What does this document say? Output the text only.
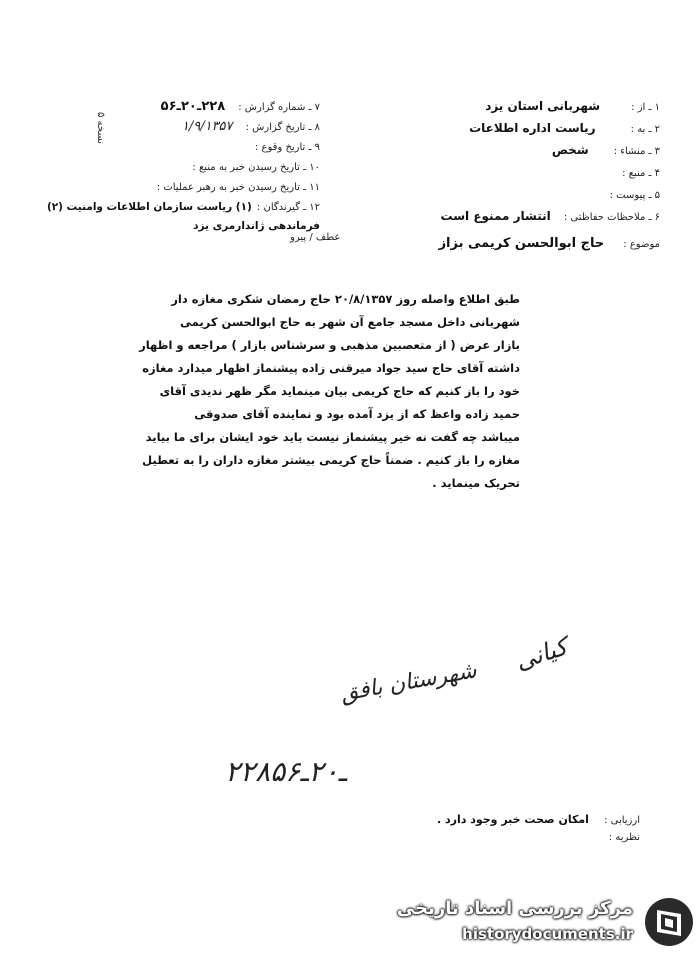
۱ ـ از : شهربانی استان یزد
۲ ـ به : ریاست اداره اطلاعات
۳ ـ منشاء : شخص
۴ ـ منبع :
۵ ـ پیوست :
۶ ـ ملاحظات حفاظتی : انتشار ممنوع است
۷ ـ شماره گزارش : ۲۲۸ـ۲۰ـ۵۶
۸ ـ تاریخ گزارش : ۱/۹/۱۳۵۷
۹ ـ تاریخ وقوع :
۱۰ ـ تاریخ رسیدن خبر به منبع :
۱۱ ـ تاریخ رسیدن خبر به رهبر عملیات :
۱۲ ـ گیرندگان : (۱) ریاست سازمان اطلاعات وامنیت (۲) فرماندهی ژاندارمری یزد
نسخه ۵
موضوع : حاج ابوالحسن کریمی بزاز
عطف / پیرو
طبق اطلاع واصله روز ۲۰/۸/۱۳۵۷ حاج رمضان شکری مغازه دار
شهربانی داخل مسجد جامع آن شهر به حاج ابوالحسن کریمی
بازار عرض ( از متعصبین مذهبی و سرشناس بازار ) مراجعه و اظهار
داشته آقای حاج سید جواد میرقنی زاده پیشنماز اظهار میدارد مغازه
خود را باز کنیم که حاج کریمی بیان مینماید مگر ظهر ندیدی آقای
حمید زاده واعظ که از یزد آمده بود و نماینده آقای صدوقی
میباشد چه گفت نه خیر پیشنماز نیست باید خود ایشان برای ما بیاید
مغازه را باز کنیم . ضمناً حاج کریمی بیشتر مغازه داران را به تعطیل
تحریک مینماید .
کیانی
شهرستان بافق
۲۲۸ـ۲۰ـ۵۶
ارزیابی : امکان صحت خبر وجود دارد .
نظریه :
مرکز بررسی اسناد تاریخی
historydocuments.ir
